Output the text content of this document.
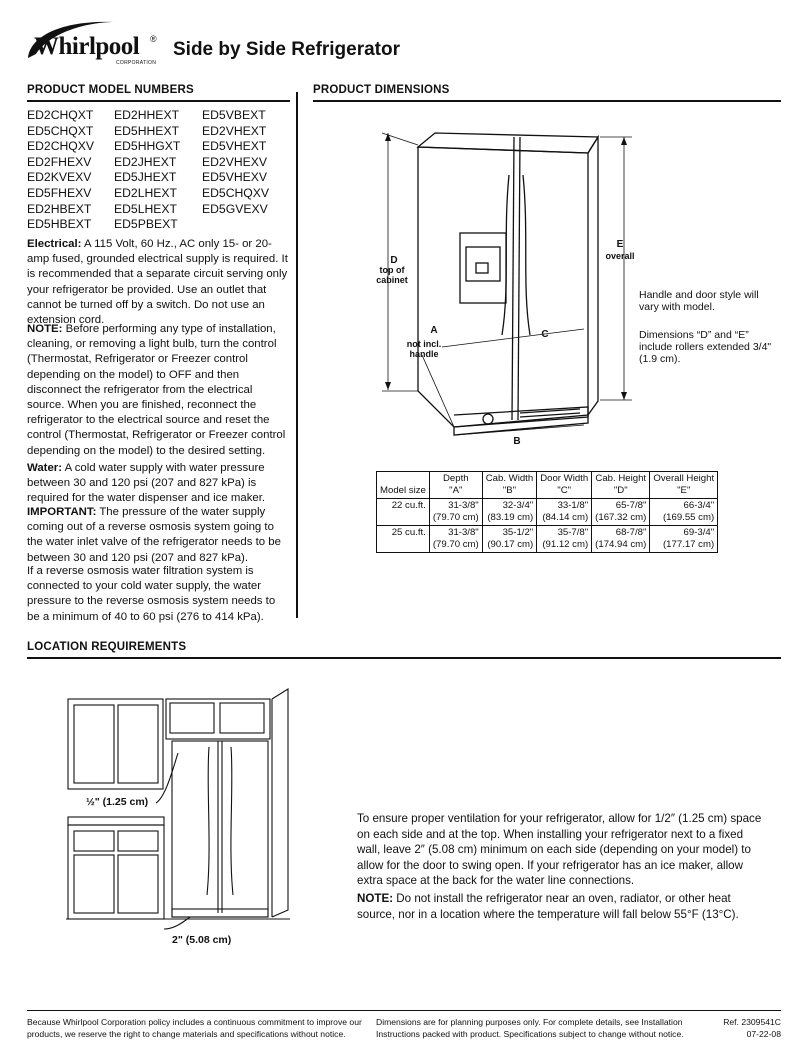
Whirlpool ®
CORPORATION
Side by Side Refrigerator
PRODUCT MODEL NUMBERS	PRODUCT DIMENSIONS
ED2CHQXT
ED5CHQXT
ED2CHQXV
ED2FHEXV
ED2KVEXV
ED5FHEXV
ED2HBEXT
ED5HBEXT
ED2HHEXT
ED5HHEXT
ED5HHGXT
ED2JHEXT
ED5JHEXT
ED2LHEXT
ED5LHEXT
ED5PBEXT
ED5VBEXT
ED2VHEXT
ED5VHEXT
ED2VHEXV
ED5VHEXV
ED5CHQXV
ED5GVEXV
Electrical: A 115 Volt, 60 Hz., AC only 15- or 20-amp fused, grounded electrical supply is required. It is recommended that a separate circuit serving only your refrigerator be provided. Use an outlet that cannot be turned off by a switch. Do not use an extension cord.
NOTE: Before performing any type of installation, cleaning, or removing a light bulb, turn the control (Thermostat, Refrigerator or Freezer control depending on the model) to OFF and then disconnect the refrigerator from the electrical source. When you are finished, reconnect the refrigerator to the electrical source and reset the control (Thermostat, Refrigerator or Freezer control depending on the model) to the desired setting.
Water: A cold water supply with water pressure between 30 and 120 psi (207 and 827 kPa) is required for the water dispenser and ice maker.
IMPORTANT: The pressure of the water supply coming out of a reverse osmosis system going to the water inlet valve of the refrigerator needs to be between 30 and 120 psi (207 and 827 kPa).
If a reverse osmosis water filtration system is connected to your cold water supply, the water pressure to the reverse osmosis system needs to be a minimum of 40 to 60 psi (276 to 414 kPa).
D
top of cabinet
E
overall
A
not incl. handle
C
B
Handle and door style will vary with model.
Dimensions “D” and “E” include rollers extended 3/4" (1.9 cm).
Model size	Depth
"A"	Cab. Width
"B"	Door Width
"C"	Cab. Height
"D"	Overall Height
"E"

22 cu.ft.	31-3/8"
(79.70 cm)	32-3/4"
(83.19 cm)	33-1/8"
(84.14 cm)	65-7/8"
(167.32 cm)	66-3/4"
(169.55 cm)
25 cu.ft.	31-3/8"
(79.70 cm)	35-1/2"
(90.17 cm)	35-7/8"
(91.12 cm)	68-7/8"
(174.94 cm)	69-3/4"
(177.17 cm)
LOCATION REQUIREMENTS
½" (1.25 cm)
2" (5.08 cm)
To ensure proper ventilation for your refrigerator, allow for 1/2″ (1.25 cm) space on each side and at the top. When installing your refrigerator next to a fixed wall, leave 2″ (5.08 cm) minimum on each side (depending on your model) to allow for the door to swing open. If your refrigerator has an ice maker, allow extra space at the back for the water line connections.
NOTE: Do not install the refrigerator near an oven, radiator, or other heat source, nor in a location where the temperature will fall below 55°F (13°C).
Because Whirlpool Corporation policy includes a continuous commitment to improve our products, we reserve the right to change materials and specifications without notice.
Dimensions are for planning purposes only. For complete details, see Installation Instructions packed with product. Specifications subject to change without notice.
Ref. 2309541C
07-22-08
